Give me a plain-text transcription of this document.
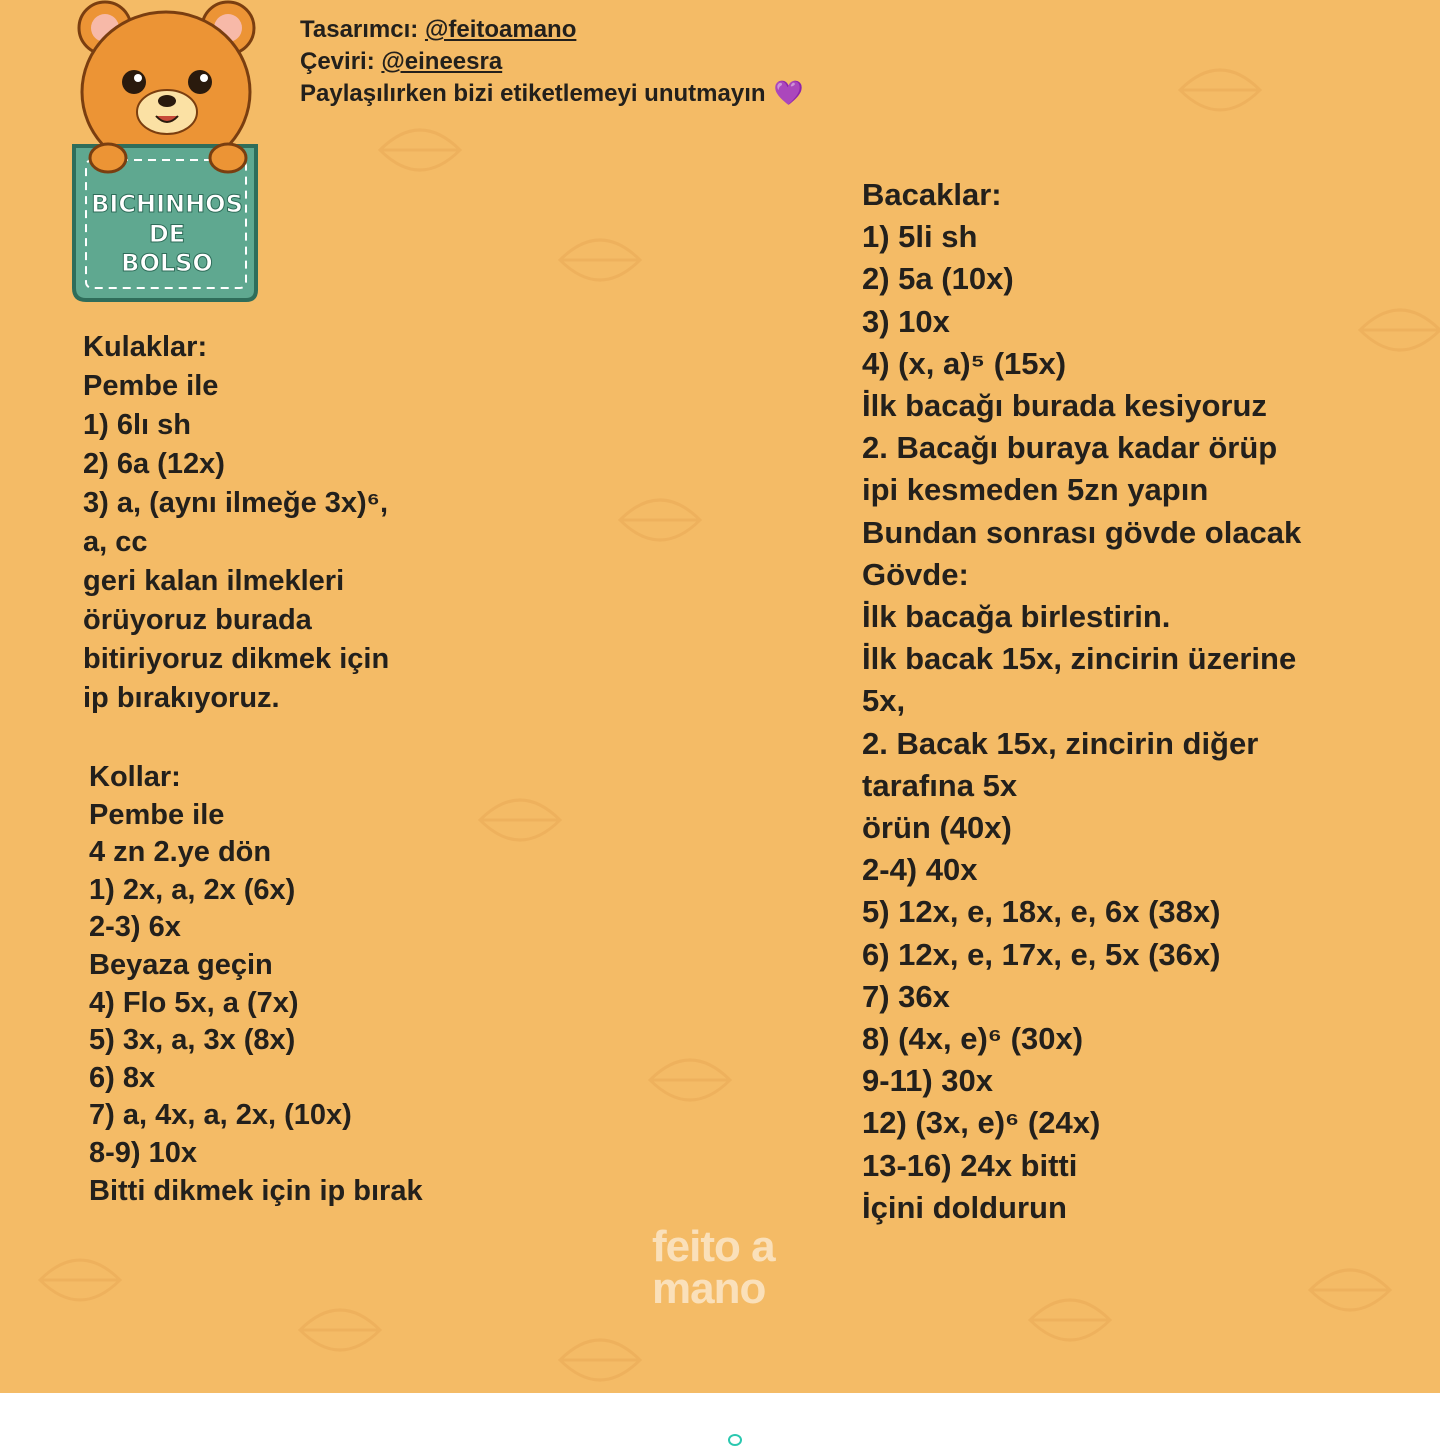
BICHINHOS
DE
BOLSO
Tasarımcı: @feitoamano
Çeviri: @eineesra
Paylaşılırken bizi etiketlemeyi unutmayın 💜
Kulaklar:
Pembe ile
1) 6lı sh
2) 6a (12x)
3) a, (aynı ilmeğe 3x)⁶,
a, cc
geri kalan ilmekleri
örüyoruz burada
bitiriyoruz dikmek için
ip bırakıyoruz.
Kollar:
Pembe ile
4 zn 2.ye dön
1) 2x, a, 2x (6x)
2-3) 6x
Beyaza geçin
4) Flo 5x, a (7x)
5) 3x, a, 3x (8x)
6) 8x
7) a, 4x, a, 2x, (10x)
8-9) 10x
Bitti dikmek için ip bırak
Bacaklar:
1) 5li sh
2) 5a (10x)
3) 10x
4) (x, a)⁵ (15x)
İlk bacağı burada kesiyoruz
2. Bacağı buraya kadar örüp
ipi kesmeden 5zn yapın
Bundan sonrası gövde olacak
Gövde:
İlk bacağa birlestirin.
İlk bacak 15x, zincirin üzerine
5x,
2. Bacak 15x, zincirin diğer
tarafına 5x
örün (40x)
2-4) 40x
5) 12x, e, 18x, e, 6x (38x)
6) 12x, e, 17x, e, 5x (36x)
7) 36x
8) (4x, e)⁶ (30x)
9-11) 30x
12) (3x, e)⁶ (24x)
13-16) 24x bitti
İçini doldurun
feito a
mano
